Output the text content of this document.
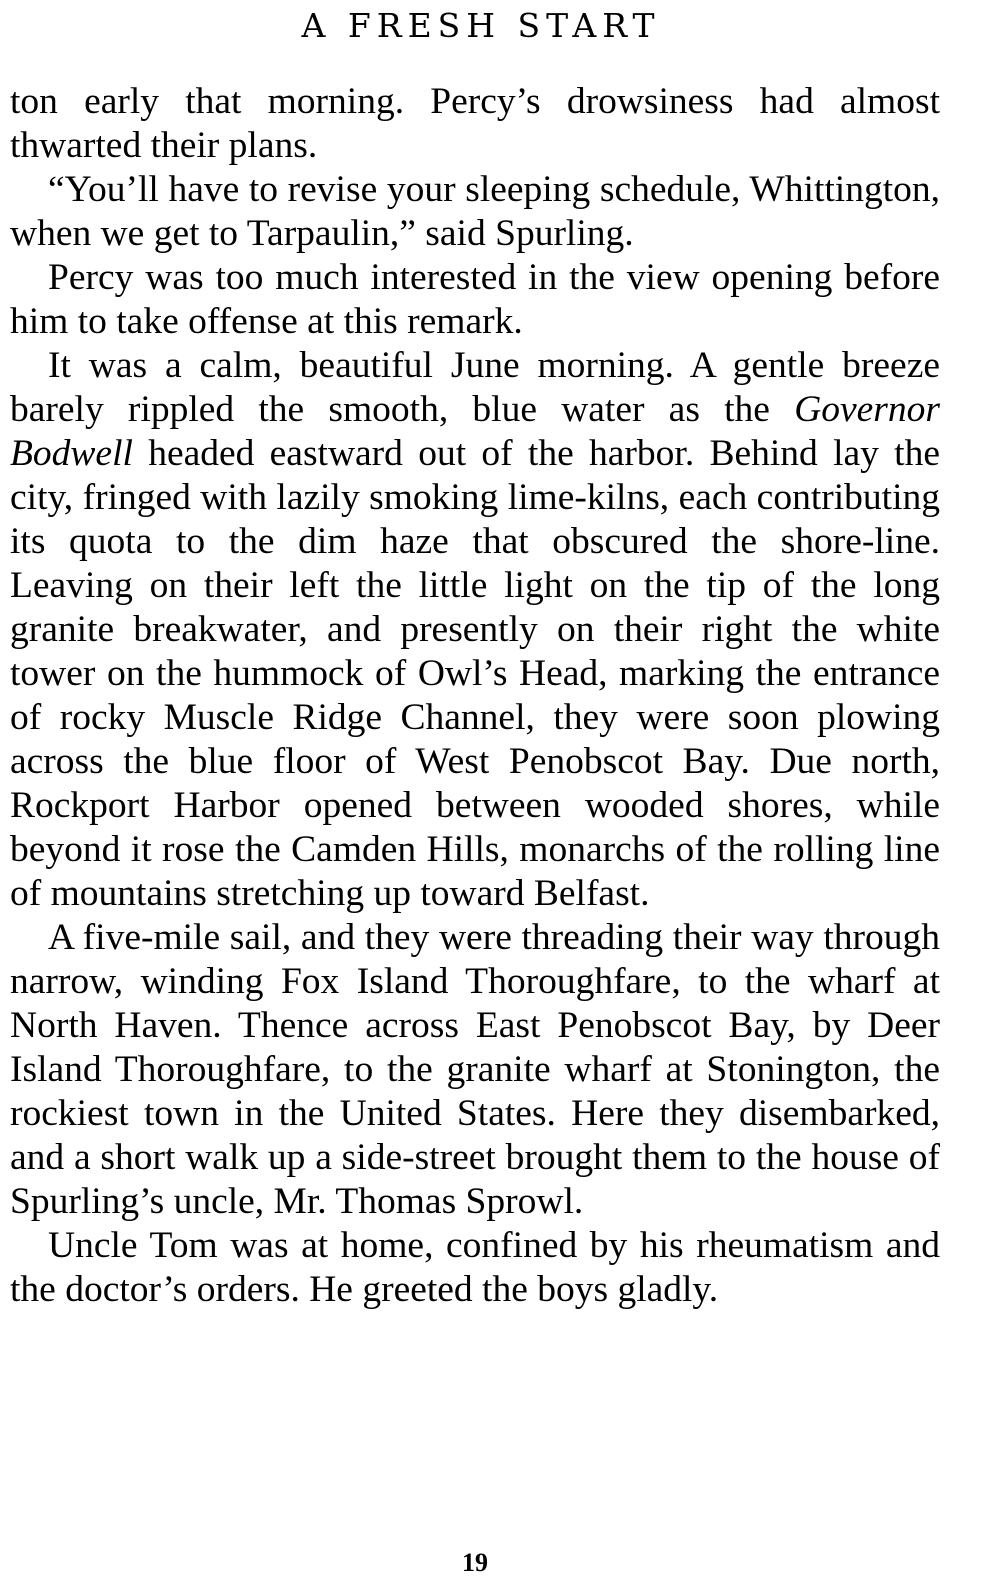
A FRESH START

ton early that morning. Percy’s drowsiness had almost thwarted their plans.

“You’ll have to revise your sleeping schedule, Whittington, when we get to Tarpaulin,” said Spurling.

Percy was too much interested in the view opening before him to take offense at this remark.

It was a calm, beautiful June morning. A gentle breeze barely rippled the smooth, blue water as the Governor Bodwell headed eastward out of the harbor. Behind lay the city, fringed with lazily smoking lime-kilns, each contributing its quota to the dim haze that obscured the shore-line. Leaving on their left the little light on the tip of the long granite breakwater, and presently on their right the white tower on the hummock of Owl’s Head, marking the entrance of rocky Muscle Ridge Channel, they were soon plowing across the blue floor of West Penobscot Bay. Due north, Rockport Harbor opened between wooded shores, while beyond it rose the Camden Hills, monarchs of the rolling line of mountains stretching up toward Belfast.

A five-mile sail, and they were threading their way through narrow, winding Fox Island Thoroughfare, to the wharf at North Haven. Thence across East Penobscot Bay, by Deer Island Thoroughfare, to the granite wharf at Stonington, the rockiest town in the United States. Here they disembarked, and a short walk up a side-street brought them to the house of Spurling’s uncle, Mr. Thomas Sprowl.

Uncle Tom was at home, confined by his rheumatism and the doctor’s orders. He greeted the boys gladly.

19
